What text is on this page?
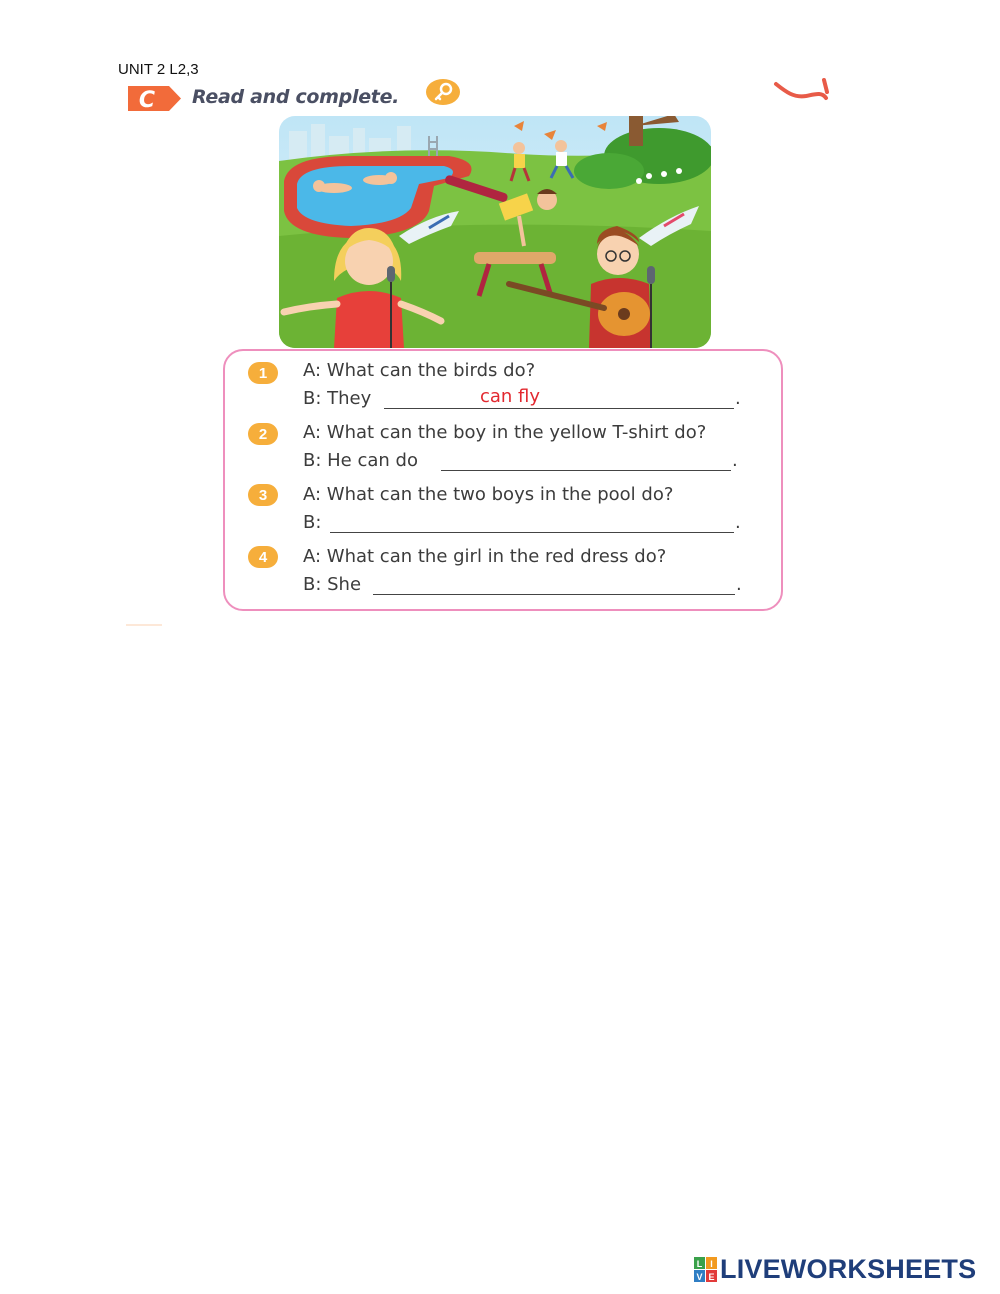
UNIT 2 L2,3
C Read and complete.
1	A: What can the birds do?
B: They	can fly	.
2	A: What can the boy in the yellow T-shirt do?
B: He can do	.
3	A: What can the two boys in the pool do?
B:	.
4	A: What can the girl in the red dress do?
B: She	.
L I
V E LIVEWORKSHEETS
